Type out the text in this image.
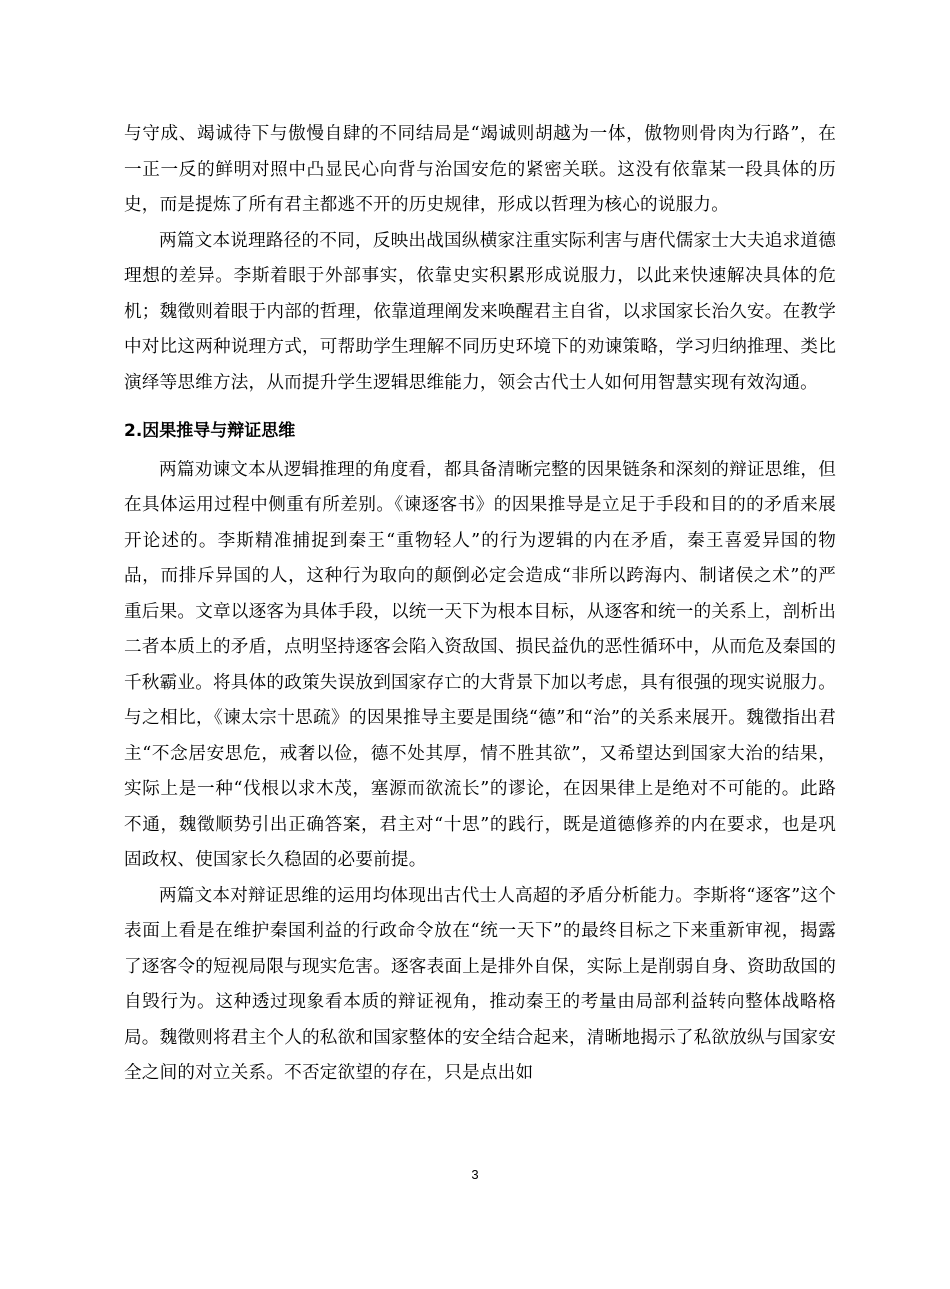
与守成、竭诚待下与傲慢自肆的不同结局是“竭诚则胡越为一体，傲物则骨肉为行路”，在一正一反的鲜明对照中凸显民心向背与治国安危的紧密关联。这没有依靠某一段具体的历史，而是提炼了所有君主都逃不开的历史规律，形成以哲理为核心的说服力。

两篇文本说理路径的不同，反映出战国纵横家注重实际利害与唐代儒家士大夫追求道德理想的差异。李斯着眼于外部事实，依靠史实积累形成说服力，以此来快速解决具体的危机；魏徵则着眼于内部的哲理，依靠道理阐发来唤醒君主自省，以求国家长治久安。在教学中对比这两种说理方式，可帮助学生理解不同历史环境下的劝谏策略，学习归纳推理、类比演绎等思维方法，从而提升学生逻辑思维能力，领会古代士人如何用智慧实现有效沟通。

2.因果推导与辩证思维

两篇劝谏文本从逻辑推理的角度看，都具备清晰完整的因果链条和深刻的辩证思维，但在具体运用过程中侧重有所差别。《谏逐客书》的因果推导是立足于手段和目的的矛盾来展开论述的。李斯精准捕捉到秦王“重物轻人”的行为逻辑的内在矛盾，秦王喜爱异国的物品，而排斥异国的人，这种行为取向的颠倒必定会造成“非所以跨海内、制诸侯之术”的严重后果。文章以逐客为具体手段，以统一天下为根本目标，从逐客和统一的关系上，剖析出二者本质上的矛盾，点明坚持逐客会陷入资敌国、损民益仇的恶性循环中，从而危及秦国的千秋霸业。将具体的政策失误放到国家存亡的大背景下加以考虑，具有很强的现实说服力。与之相比，《谏太宗十思疏》的因果推导主要是围绕“德”和“治”的关系来展开。魏徵指出君主“不念居安思危，戒奢以俭，德不处其厚，情不胜其欲”，又希望达到国家大治的结果，实际上是一种“伐根以求木茂，塞源而欲流长”的谬论，在因果律上是绝对不可能的。此路不通，魏徵顺势引出正确答案，君主对“十思”的践行，既是道德修养的内在要求，也是巩固政权、使国家长久稳固的必要前提。

两篇文本对辩证思维的运用均体现出古代士人高超的矛盾分析能力。李斯将“逐客”这个表面上看是在维护秦国利益的行政命令放在“统一天下”的最终目标之下来重新审视，揭露了逐客令的短视局限与现实危害。逐客表面上是排外自保，实际上是削弱自身、资助敌国的自毁行为。这种透过现象看本质的辩证视角，推动秦王的考量由局部利益转向整体战略格局。魏徵则将君主个人的私欲和国家整体的安全结合起来，清晰地揭示了私欲放纵与国家安全之间的对立关系。不否定欲望的存在，只是点出如

3
